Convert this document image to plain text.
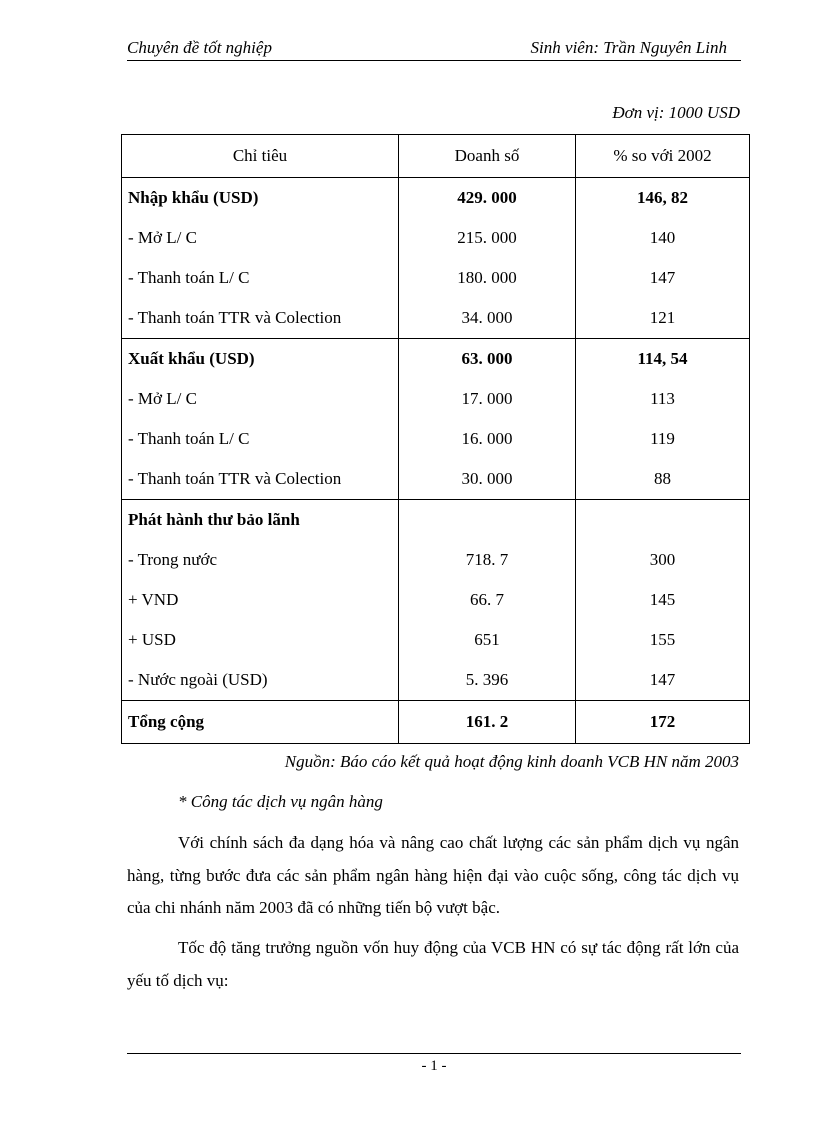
Chuyên đề tốt nghiệp	Sinh viên: Trần Nguyên Linh
Đơn vị: 1000 USD
Chỉ tiêu	Doanh số	% so với 2002
Nhập khẩu (USD)	429. 000	146, 82
- Mở L/ C	215. 000	140
- Thanh toán L/ C	180. 000	147
- Thanh toán TTR và Colection	34. 000	121
Xuất khẩu (USD)	63. 000	114, 54
- Mở L/ C	17. 000	113
- Thanh toán L/ C	16. 000	119
- Thanh toán TTR và Colection	30. 000	88
Phát hành thư bảo lãnh		
- Trong nước	718. 7	300
+ VND	66. 7	145
+ USD	651	155
- Nước ngoài (USD)	5. 396	147
Tổng cộng	161. 2	172
Nguồn: Báo cáo kết quả hoạt động kinh doanh VCB HN năm 2003
* Công tác dịch vụ ngân hàng

Với chính sách đa dạng hóa và nâng cao chất lượng các sản phẩm dịch vụ ngân hàng, từng bước đưa các sản phẩm ngân hàng hiện đại vào cuộc sống, công tác dịch vụ của chi nhánh năm 2003 đã có những tiến bộ vượt bậc.

Tốc độ tăng trưởng nguồn vốn huy động của VCB HN có sự tác động rất lớn của yếu tố dịch vụ:

- 1 -
